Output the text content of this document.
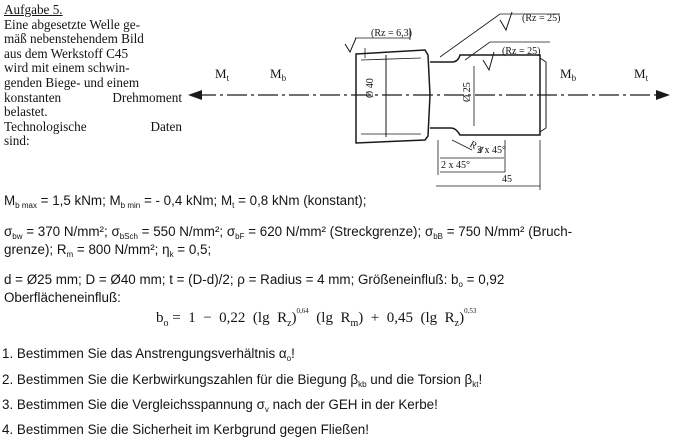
Aufgabe 5.
Eine abgesetzte Welle ge-
mäß nebenstehendem Bild
aus dem Werkstoff C45
wird mit einem schwin-
genden Biege- und einem
konstanten	Drehmoment
belastet.
Technologische	Daten
sind:
$M_t$	$M_b$	$M_b$	$M_t$
Ø 40	Ø 25
(Rz = 6,3)
(Rz = 25)
(Rz = 25)
R 4
2 x 45°
2 x 45°
45
$M_{b max} = 1,5$ kNm; $M_{b min}$ = - 0,4 kNm; $M_t = 0,8$ kNm (konstant);
$\sigma_{bw} = 370$ N/mm²; $\sigma_{bSch} = 550$ N/mm²; $\sigma_{bF} = 620$ N/mm² (Streckgrenze); $\sigma_{bB} = 750$ N/mm² (Bruch-
grenze); $R_m = 800$ N/mm²; $\eta_k = 0,5$;
d = Ø25 mm; D = Ø40 mm; t = (D-d)/2; ρ = Radius = 4 mm; Größeneinfluß: $b_o = 0,92$
Oberflächeneinfluß:
$b_o = 1 - 0,22$  (lg  $R_z)^{0,64}$  (lg  $R_m) + 0,45$  (lg  $R_z)^{0,53}$
1. Bestimmen Sie das Anstrengungsverhältnis $\alpha_o$!
2. Bestimmen Sie die Kerbwirkungszahlen für die Biegung $\beta_{kb}$ und die Torsion $\beta_{kt}$!
3. Bestimmen Sie die Vergleichsspannung $\sigma_v$ nach der GEH in der Kerbe!
4. Bestimmen Sie die Sicherheit im Kerbgrund gegen Fließen!
